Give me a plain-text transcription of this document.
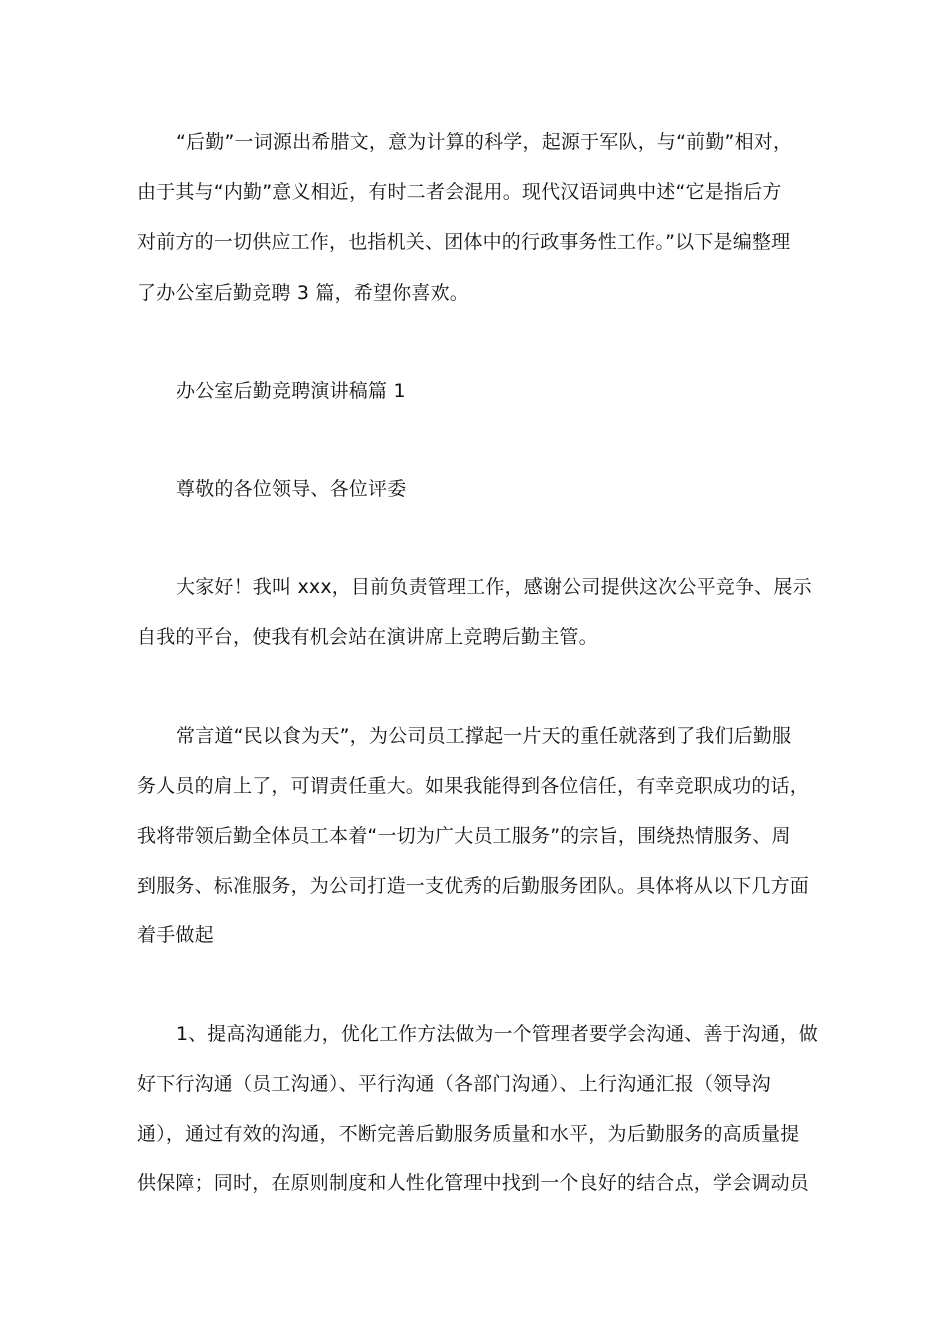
“后勤”一词源出希腊文，意为计算的科学，起源于军队，与“前勤”相对，
由于其与“内勤”意义相近，有时二者会混用。现代汉语词典中述“它是指后方
对前方的一切供应工作，也指机关、团体中的行政事务性工作。”以下是编整理
了办公室后勤竞聘 3 篇，希望你喜欢。
办公室后勤竞聘演讲稿篇 1
尊敬的各位领导、各位评委
大家好！我叫 xxx，目前负责管理工作，感谢公司提供这次公平竞争、展示
自我的平台，使我有机会站在演讲席上竞聘后勤主管。
常言道“民以食为天”，为公司员工撑起一片天的重任就落到了我们后勤服
务人员的肩上了，可谓责任重大。如果我能得到各位信任，有幸竞职成功的话，
我将带领后勤全体员工本着“一切为广大员工服务”的宗旨，围绕热情服务、周
到服务、标准服务，为公司打造一支优秀的后勤服务团队。具体将从以下几方面
着手做起
1、提高沟通能力，优化工作方法做为一个管理者要学会沟通、善于沟通，做
好下行沟通（员工沟通）、平行沟通（各部门沟通）、上行沟通汇报（领导沟
通），通过有效的沟通，不断完善后勤服务质量和水平，为后勤服务的高质量提
供保障；同时，在原则制度和人性化管理中找到一个良好的结合点，学会调动员
